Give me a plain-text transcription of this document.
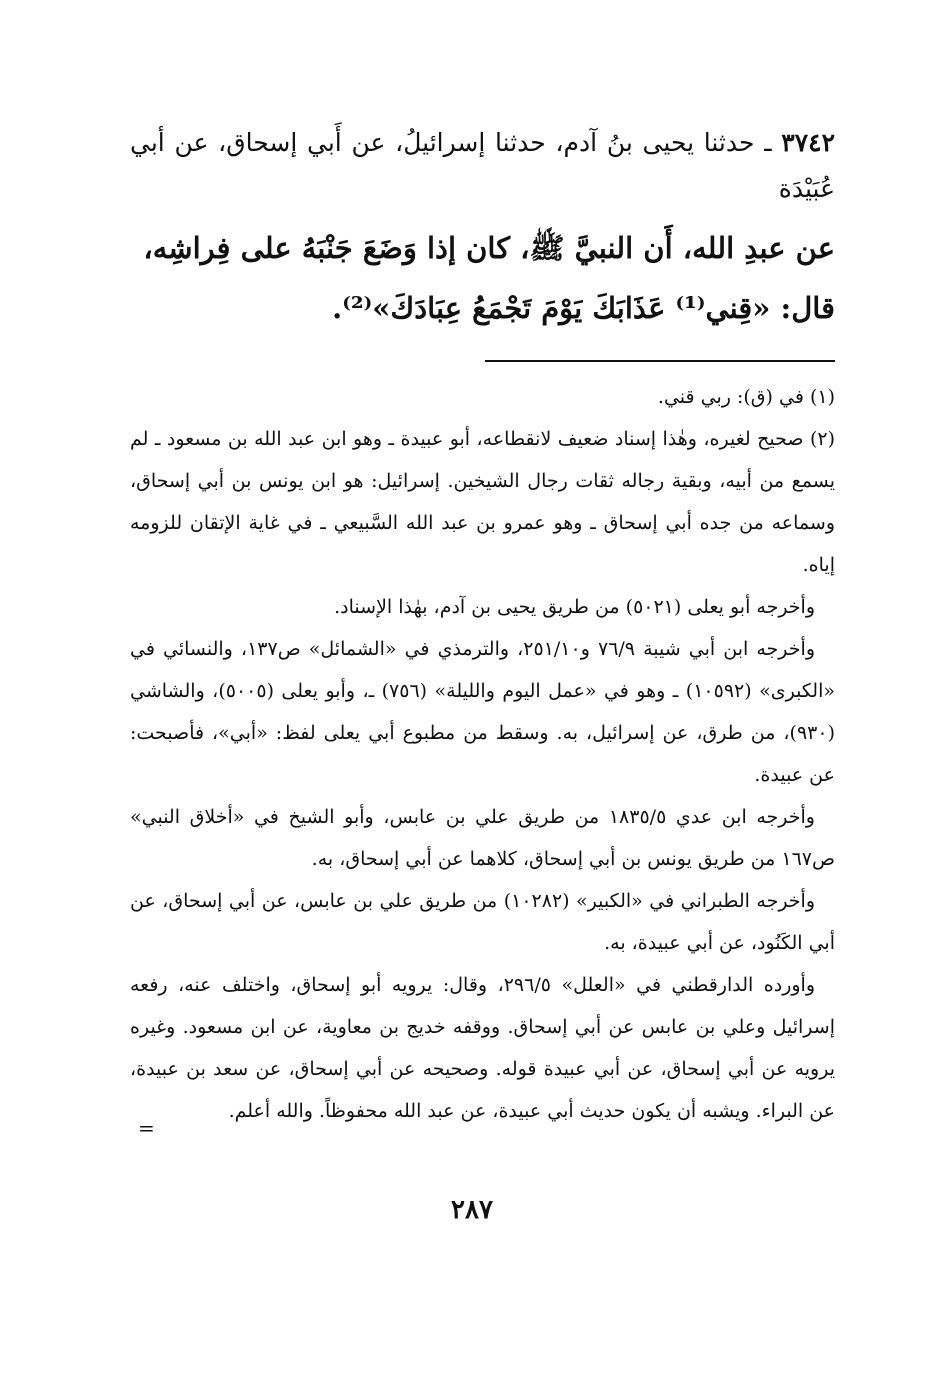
٣٧٤٢ ـ حدثنا يحيى بنُ آدم، حدثنا إسرائيلُ، عن أَبي إسحاق، عن أبي عُبَيْدَة

عن عبدِ الله، أَن النبيَّ ﷺ، كان إذا وَضَعَ جَنْبَهُ على فِراشِه،
قال: «قِني⁽¹⁾ عَذَابَكَ يَوْمَ تَجْمَعُ عِبَادَكَ»⁽²⁾.

(١) في (ق): ربي قني.

(٢) صحيح لغيره، وهٰذا إسناد ضعيف لانقطاعه، أبو عبيدة ـ وهو ابن عبد الله بن مسعود ـ لم يسمع من أبيه، وبقية رجاله ثقات رجال الشيخين. إسرائيل: هو ابن يونس بن أبي إسحاق، وسماعه من جده أبي إسحاق ـ وهو عمرو بن عبد الله السَّبيعي ـ في غاية الإتقان للزومه إياه.

وأخرجه أبو يعلى (٥٠٢١) من طريق يحيى بن آدم، بهٰذا الإسناد.

وأخرجه ابن أبي شيبة ٧٦/٩ و٢٥١/١٠، والترمذي في «الشمائل» ص١٣٧، والنسائي في «الكبرى» (١٠٥٩٢) ـ وهو في «عمل اليوم والليلة» (٧٥٦) ـ، وأبو يعلى (٥٠٠٥)، والشاشي (٩٣٠)، من طرق، عن إسرائيل، به. وسقط من مطبوع أبي يعلى لفظ: «أبي»، فأصبحت: عن عبيدة.

وأخرجه ابن عدي ١٨٣٥/٥ من طريق علي بن عابس، وأبو الشيخ في «أخلاق النبي» ص١٦٧ من طريق يونس بن أبي إسحاق، كلاهما عن أبي إسحاق، به.

وأخرجه الطبراني في «الكبير» (١٠٢٨٢) من طريق علي بن عابس، عن أبي إسحاق، عن أبي الكَنُود، عن أبي عبيدة، به.

وأورده الدارقطني في «العلل» ٢٩٦/٥، وقال: يرويه أبو إسحاق، واختلف عنه، رفعه إسرائيل وعلي بن عابس عن أبي إسحاق. ووقفه خديج بن معاوية، عن ابن مسعود. وغيره يرويه عن أبي إسحاق، عن أبي عبيدة قوله. وصحيحه عن أبي إسحاق، عن سعد بن عبيدة، عن البراء. ويشبه أن يكون حديث أبي عبيدة، عن عبد الله محفوظاً. والله أعلم.

=
٢٨٧
